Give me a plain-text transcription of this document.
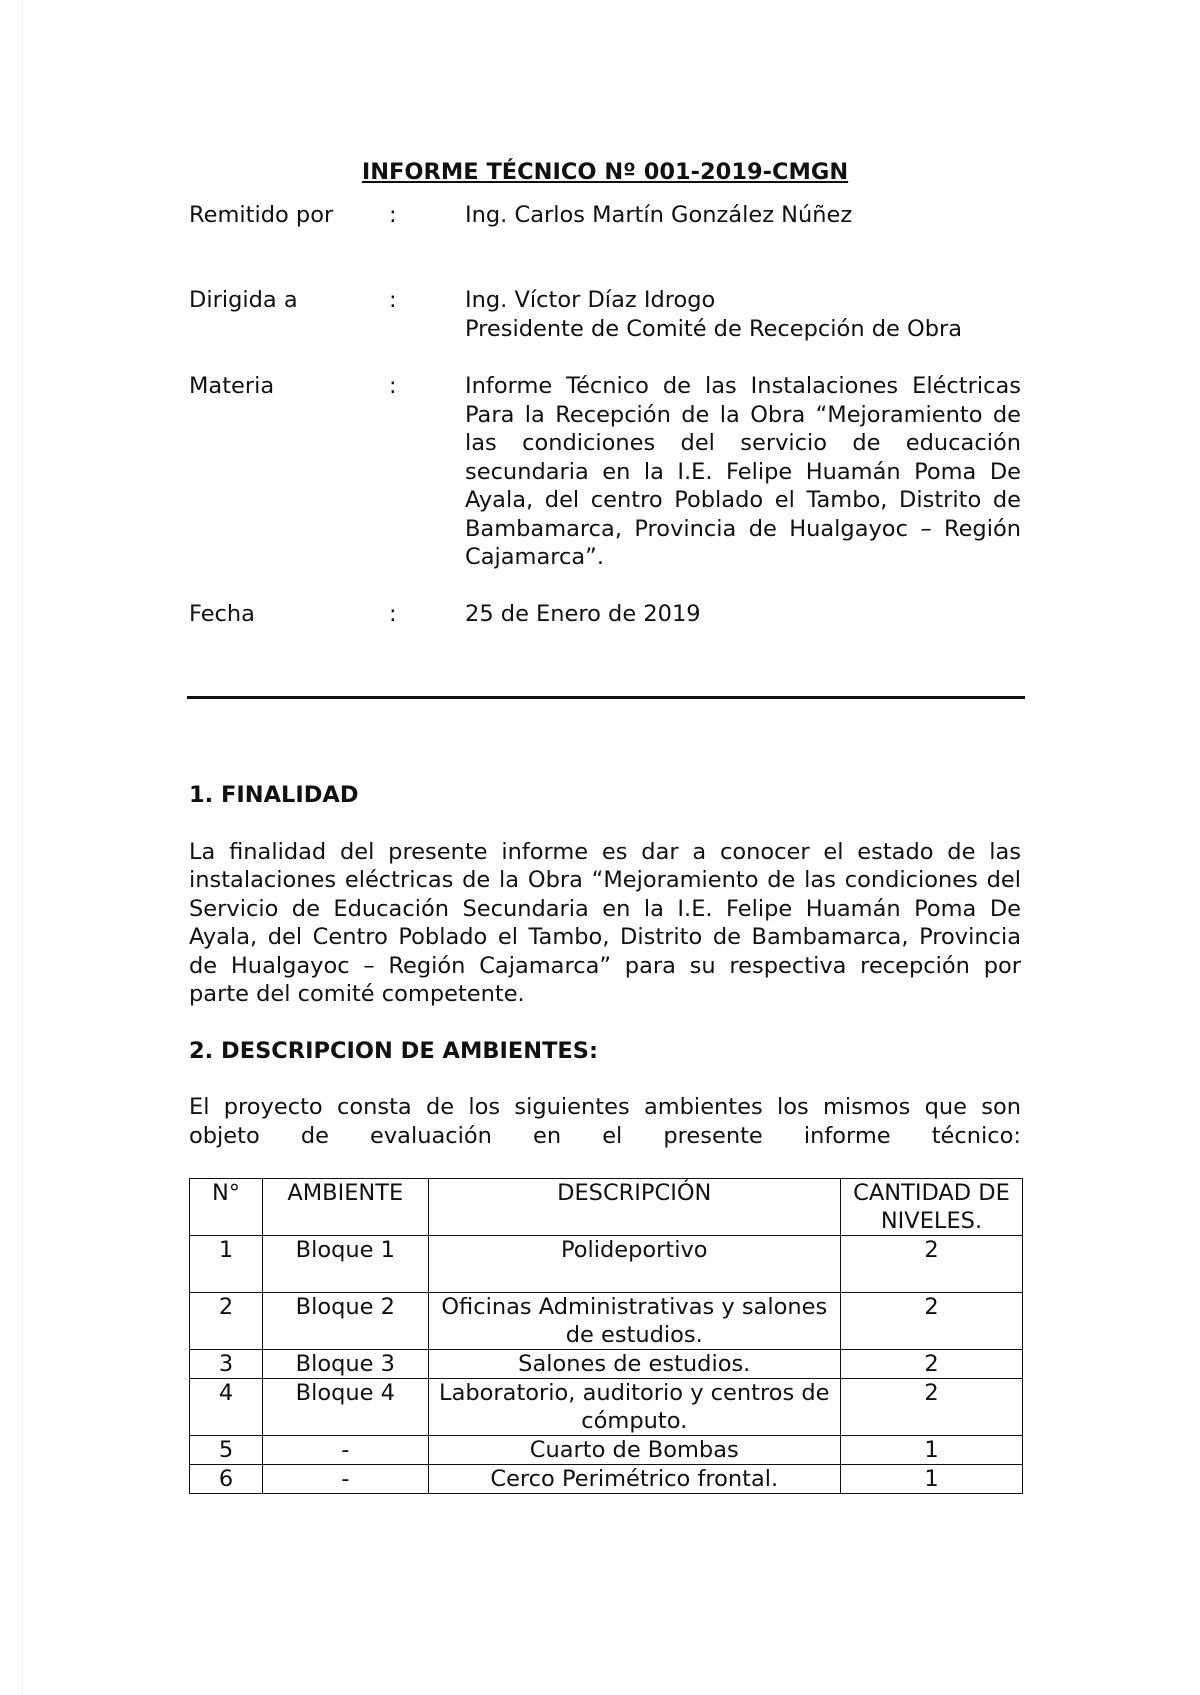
INFORME TÉCNICO Nº 001-2019-CMGN
Remitido por	:	Ing. Carlos Martín González Núñez
Dirigida a	:	Ing. Víctor Díaz Idrogo
Presidente de Comité de Recepción de Obra
Materia	:	Informe Técnico de las Instalaciones Eléctricas Para la Recepción de la Obra “Mejoramiento de las condiciones del servicio de educación secundaria en la I.E. Felipe Huamán Poma De Ayala, del centro Poblado el Tambo, Distrito de Bambamarca, Provincia de Hualgayoc – Región Cajamarca”.
Fecha	:	25 de Enero de 2019

1. FINALIDAD

La finalidad del presente informe es dar a conocer el estado de las instalaciones eléctricas de la Obra “Mejoramiento de las condiciones del Servicio de Educación Secundaria en la I.E. Felipe Huamán Poma De Ayala, del Centro Poblado el Tambo, Distrito de Bambamarca, Provincia de Hualgayoc – Región Cajamarca” para su respectiva recepción por parte del comité competente.

2. DESCRIPCION DE AMBIENTES:

El proyecto consta de los siguientes ambientes los mismos que son objeto de evaluación en el presente informe técnico:

N°	AMBIENTE	DESCRIPCIÓN	CANTIDAD DE NIVELES.
1	Bloque 1	Polideportivo	2
2	Bloque 2	Oficinas Administrativas y salones de estudios.	2
3	Bloque 3	Salones de estudios.	2
4	Bloque 4	Laboratorio, auditorio y centros de cómputo.	2
5	-	Cuarto de Bombas	1
6	-	Cerco Perimétrico frontal.	1
